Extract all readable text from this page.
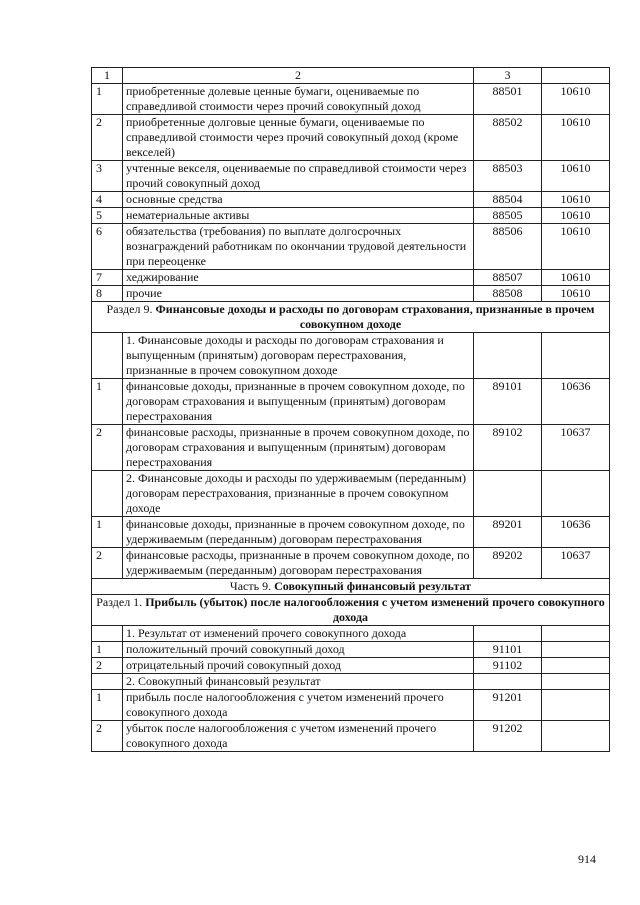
1	2	3	
1	приобретенные долевые ценные бумаги, оцениваемые по справедливой стоимости через прочий совокупный доход	88501	10610
2	приобретенные долговые ценные бумаги, оцениваемые по справедливой стоимости через прочий совокупный доход (кроме векселей)	88502	10610
3	учтенные векселя, оцениваемые по справедливой стоимости через прочий совокупный доход	88503	10610
4	основные средства	88504	10610
5	нематериальные активы	88505	10610
6	обязательства (требования) по выплате долгосрочных вознаграждений работникам по окончании трудовой деятельности при переоценке	88506	10610
7	хеджирование	88507	10610
8	прочие	88508	10610
Раздел 9. Финансовые доходы и расходы по договорам страхования, признанные в прочем совокупном доходе			
	1. Финансовые доходы и расходы по договорам страхования и выпущенным (принятым) договорам перестрахования, признанные в прочем совокупном доходе		
1	финансовые доходы, признанные в прочем совокупном доходе, по договорам страхования и выпущенным (принятым) договорам перестрахования	89101	10636
2	финансовые расходы, признанные в прочем совокупном доходе, по договорам страхования и выпущенным (принятым) договорам перестрахования	89102	10637
	2. Финансовые доходы и расходы по удерживаемым (переданным) договорам перестрахования, признанные в прочем совокупном доходе		
1	финансовые доходы, признанные в прочем совокупном доходе, по удерживаемым (переданным) договорам перестрахования	89201	10636
2	финансовые расходы, признанные в прочем совокупном доходе, по удерживаемым (переданным) договорам перестрахования	89202	10637
Часть 9. Совокупный финансовый результат			
Раздел 1. Прибыль (убыток) после налогообложения с учетом изменений прочего совокупного дохода			
	1. Результат от изменений прочего совокупного дохода		
1	положительный прочий совокупный доход	91101	
2	отрицательный прочий совокупный доход	91102	
	2. Совокупный финансовый результат		
1	прибыль после налогообложения с учетом изменений прочего совокупного дохода	91201	
2	убыток после налогообложения с учетом изменений прочего совокупного дохода	91202	
914
